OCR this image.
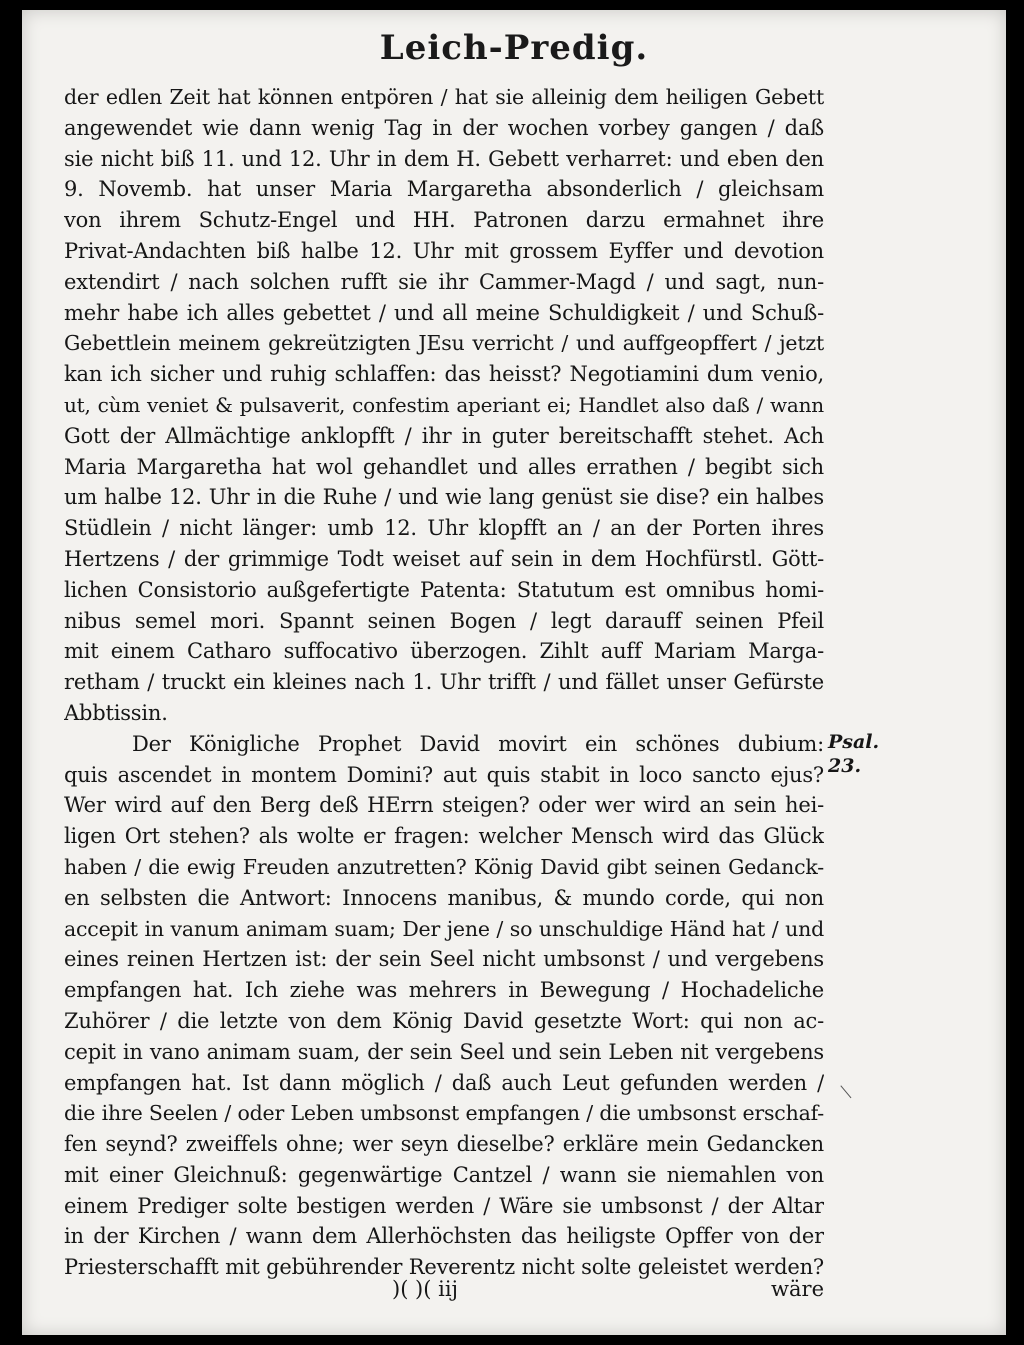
Leich-Predig.
der edlen Zeit hat können entpören / hat sie alleinig dem heiligen Gebett
angewendet wie dann wenig Tag in der wochen vorbey gangen / daß
sie nicht biß 11. und 12. Uhr in dem H. Gebett verharret: und eben den
9. Novemb. hat unser Maria Margaretha absonderlich / gleichsam
von ihrem Schutz-Engel und HH. Patronen darzu ermahnet ihre
Privat-Andachten biß halbe 12. Uhr mit grossem Eyffer und devotion
extendirt / nach solchen rufft sie ihr Cammer-Magd / und sagt, nun-
mehr habe ich alles gebettet / und all meine Schuldigkeit / und Schuß-
Gebettlein meinem gekreützigten JEsu verricht / und auffgeopffert / jetzt
kan ich sicher und ruhig schlaffen: das heisst? Negotiamini dum venio,
ut, cùm veniet & pulsaverit, confestim aperiant ei; Handlet also daß / wann
Gott der Allmächtige anklopfft / ihr in guter bereitschafft stehet. Ach
Maria Margaretha hat wol gehandlet und alles errathen / begibt sich
um halbe 12. Uhr in die Ruhe / und wie lang genüst sie dise? ein halbes
Stüdlein / nicht länger: umb 12. Uhr klopfft an / an der Porten ihres
Hertzens / der grimmige Todt weiset auf sein in dem Hochfürstl. Gött-
lichen Consistorio außgefertigte Patenta: Statutum est omnibus homi-
nibus semel mori. Spannt seinen Bogen / legt darauff seinen Pfeil
mit einem Catharo suffocativo überzogen. Zihlt auff Mariam Marga-
retham / truckt ein kleines nach 1. Uhr trifft / und fället unser Gefürste
Abbtissin.
Der Königliche Prophet David movirt ein schönes dubium:
quis ascendet in montem Domini? aut quis stabit in loco sancto ejus?
Wer wird auf den Berg deß HErrn steigen? oder wer wird an sein hei-
ligen Ort stehen? als wolte er fragen: welcher Mensch wird das Glück
haben / die ewig Freuden anzutretten? König David gibt seinen Gedanck-
en selbsten die Antwort: Innocens manibus, & mundo corde, qui non
accepit in vanum animam suam; Der jene / so unschuldige Händ hat / und
eines reinen Hertzen ist: der sein Seel nicht umbsonst / und vergebens
empfangen hat. Ich ziehe was mehrers in Bewegung / Hochadeliche
Zuhörer / die letzte von dem König David gesetzte Wort: qui non ac-
cepit in vano animam suam, der sein Seel und sein Leben nit vergebens
empfangen hat. Ist dann möglich / daß auch Leut gefunden werden /
die ihre Seelen / oder Leben umbsonst empfangen / die umbsonst erschaf-
fen seynd? zweiffels ohne; wer seyn dieselbe? erkläre mein Gedancken
mit einer Gleichnuß: gegenwärtige Cantzel / wann sie niemahlen von
einem Prediger solte bestigen werden / Wäre sie umbsonst / der Altar
in der Kirchen / wann dem Allerhöchsten das heiligste Opffer von der
Priesterschafft mit gebührender Reverentz nicht solte geleistet werden?
Psal.
23.
)( )( iij	wäre
